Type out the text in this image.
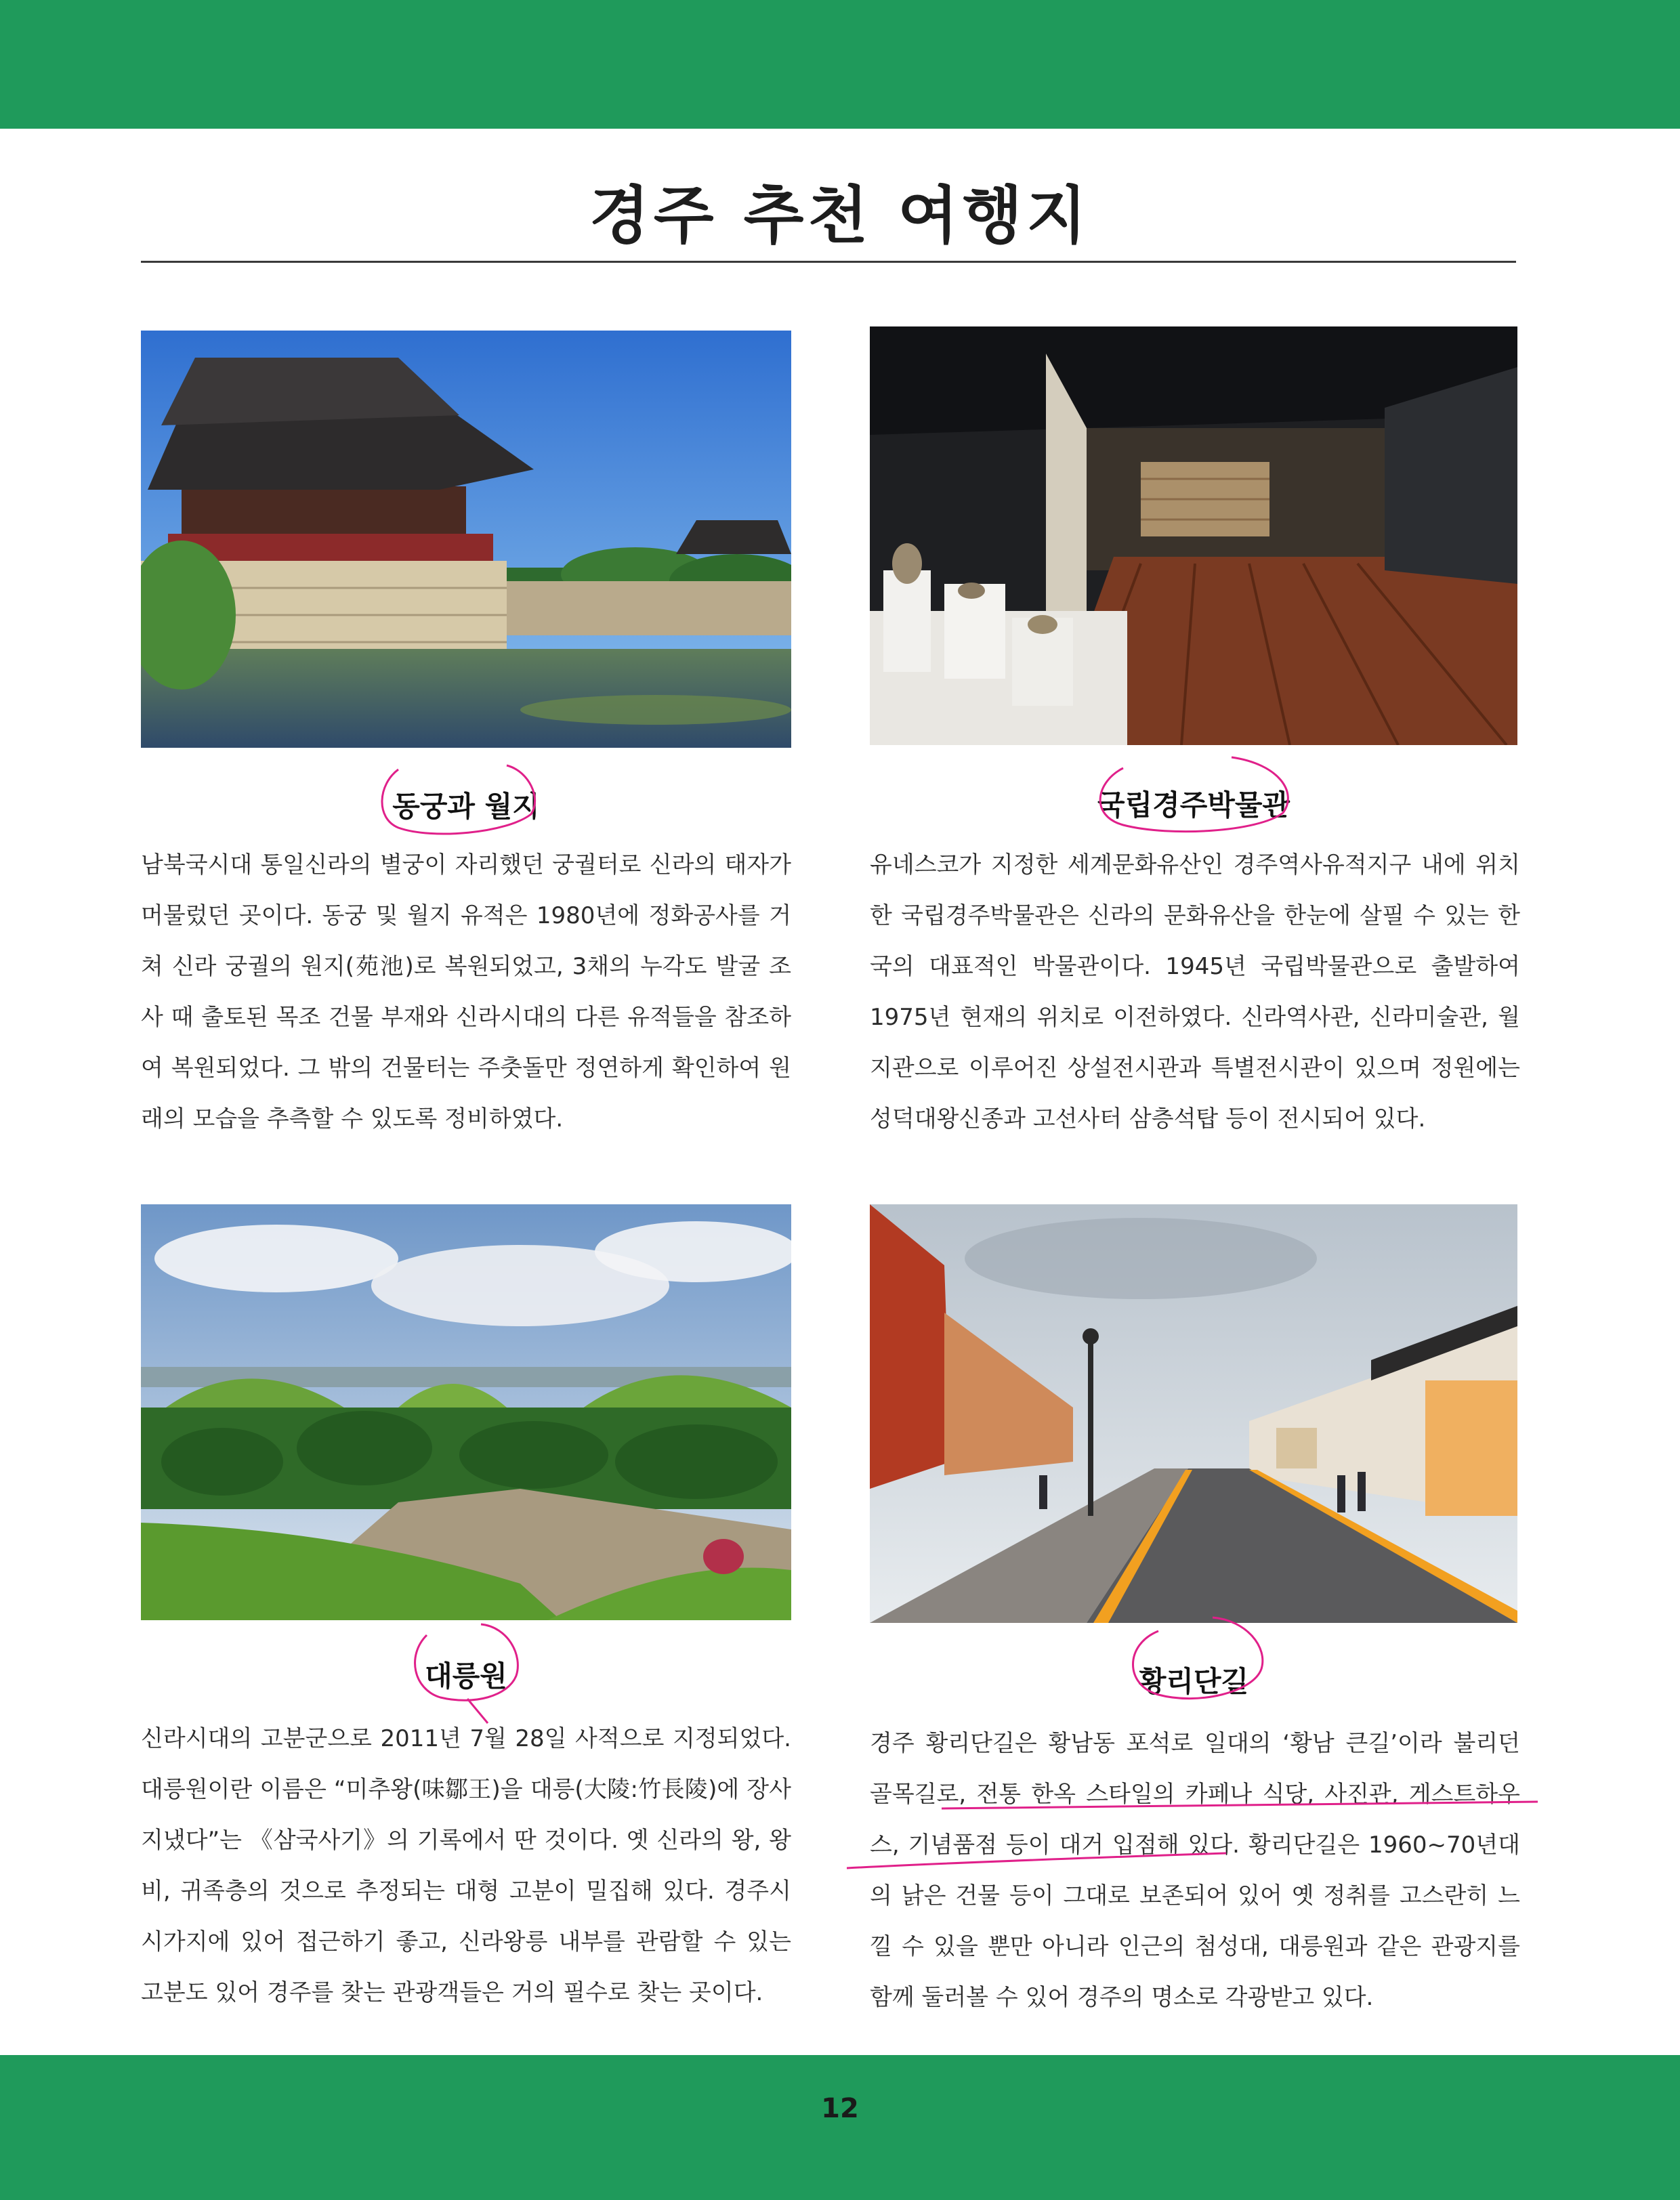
경주 추천 여행지
동궁과 월지	국립경주박물관
대릉원	황리단길

남북국시대 통일신라의 별궁이 자리했던 궁궐터로 신라의 태자가 머물렀던 곳이다. 동궁 및 월지 유적은 1980년에 정화공사를 거쳐 신라 궁궐의 원지(苑池)로 복원되었고, 3채의 누각도 발굴 조사 때 출토된 목조 건물 부재와 신라시대의 다른 유적들을 참조하여 복원되었다. 그 밖의 건물터는 주춧돌만 정연하게 확인하여 원래의 모습을 추측할 수 있도록 정비하였다.

유네스코가 지정한 세계문화유산인 경주역사유적지구 내에 위치한 국립경주박물관은 신라의 문화유산을 한눈에 살필 수 있는 한국의 대표적인 박물관이다. 1945년 국립박물관으로 출발하여 1975년 현재의 위치로 이전하였다. 신라역사관, 신라미술관, 월지관으로 이루어진 상설전시관과 특별전시관이 있으며 정원에는 성덕대왕신종과 고선사터 삼층석탑 등이 전시되어 있다.

신라시대의 고분군으로 2011년 7월 28일 사적으로 지정되었다. 대릉원이란 이름은 “미추왕(味鄒王)을 대릉(大陵:竹長陵)에 장사지냈다”는 《삼국사기》의 기록에서 딴 것이다. 옛 신라의 왕, 왕비, 귀족층의 것으로 추정되는 대형 고분이 밀집해 있다. 경주시 시가지에 있어 접근하기 좋고, 신라왕릉 내부를 관람할 수 있는 고분도 있어 경주를 찾는 관광객들은 거의 필수로 찾는 곳이다.

경주 황리단길은 황남동 포석로 일대의 ‘황남 큰길’이라 불리던 골목길로, 전통 한옥 스타일의 카페나 식당, 사진관, 게스트하우스, 기념품점 등이 대거 입점해 있다. 황리단길은 1960~70년대의 낡은 건물 등이 그대로 보존되어 있어 옛 정취를 고스란히 느낄 수 있을 뿐만 아니라 인근의 첨성대, 대릉원과 같은 관광지를 함께 둘러볼 수 있어 경주의 명소로 각광받고 있다.

12
